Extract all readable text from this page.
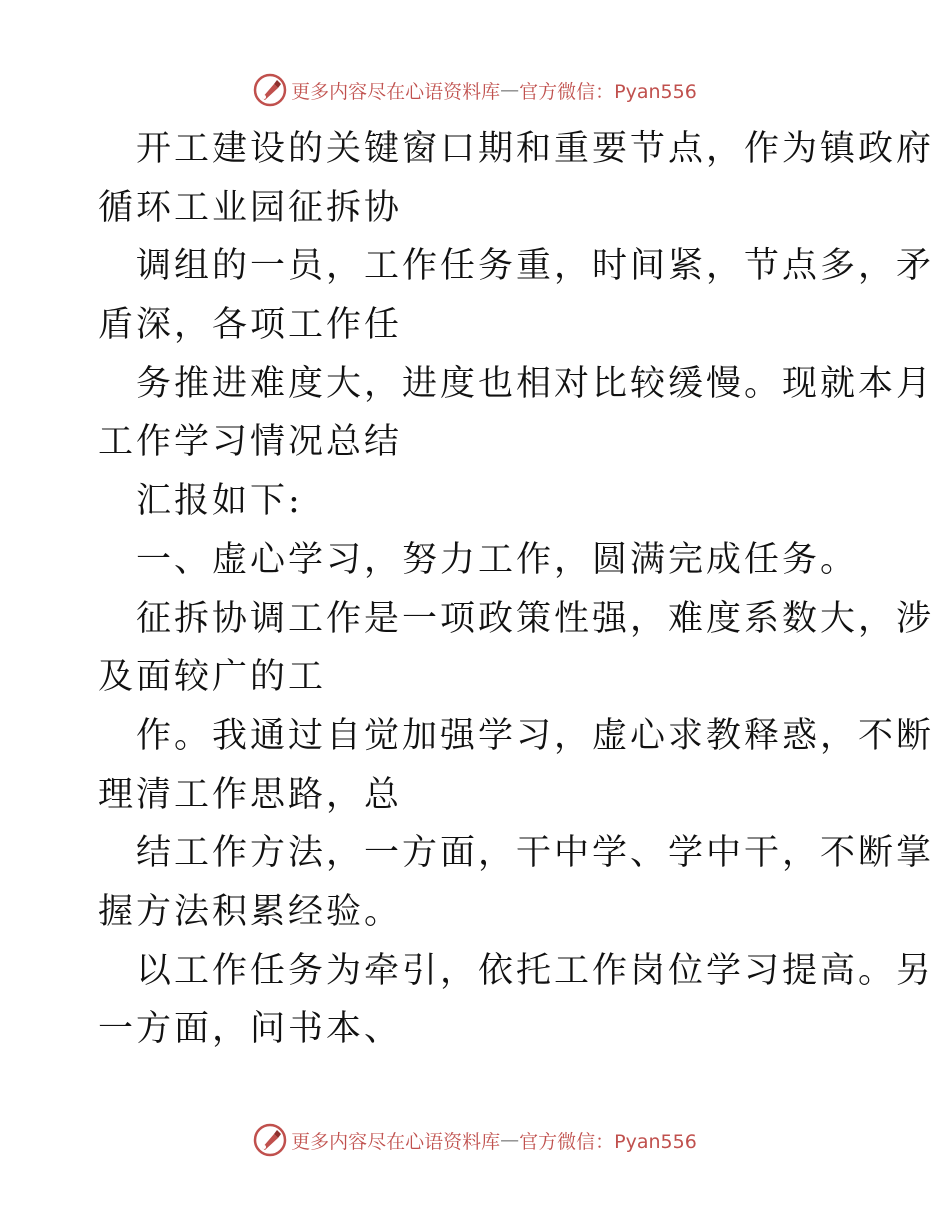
更多内容尽在心语资料库 — 官方微信：Pyan556
开工建设的关键窗口期和重要节点，作为镇政府
循环工业园征拆协
调组的一员，工作任务重，时间紧，节点多，矛
盾深，各项工作任
务推进难度大，进度也相对比较缓慢。现就本月
工作学习情况总结
汇报如下:
一、虚心学习，努力工作，圆满完成任务。
征拆协调工作是一项政策性强，难度系数大，涉
及面较广的工
作。我通过自觉加强学习，虚心求教释惑，不断
理清工作思路，总
结工作方法，一方面，干中学、学中干，不断掌
握方法积累经验。
以工作任务为牵引，依托工作岗位学习提高。另
一方面，问书本、
更多内容尽在心语资料库 — 官方微信：Pyan556
